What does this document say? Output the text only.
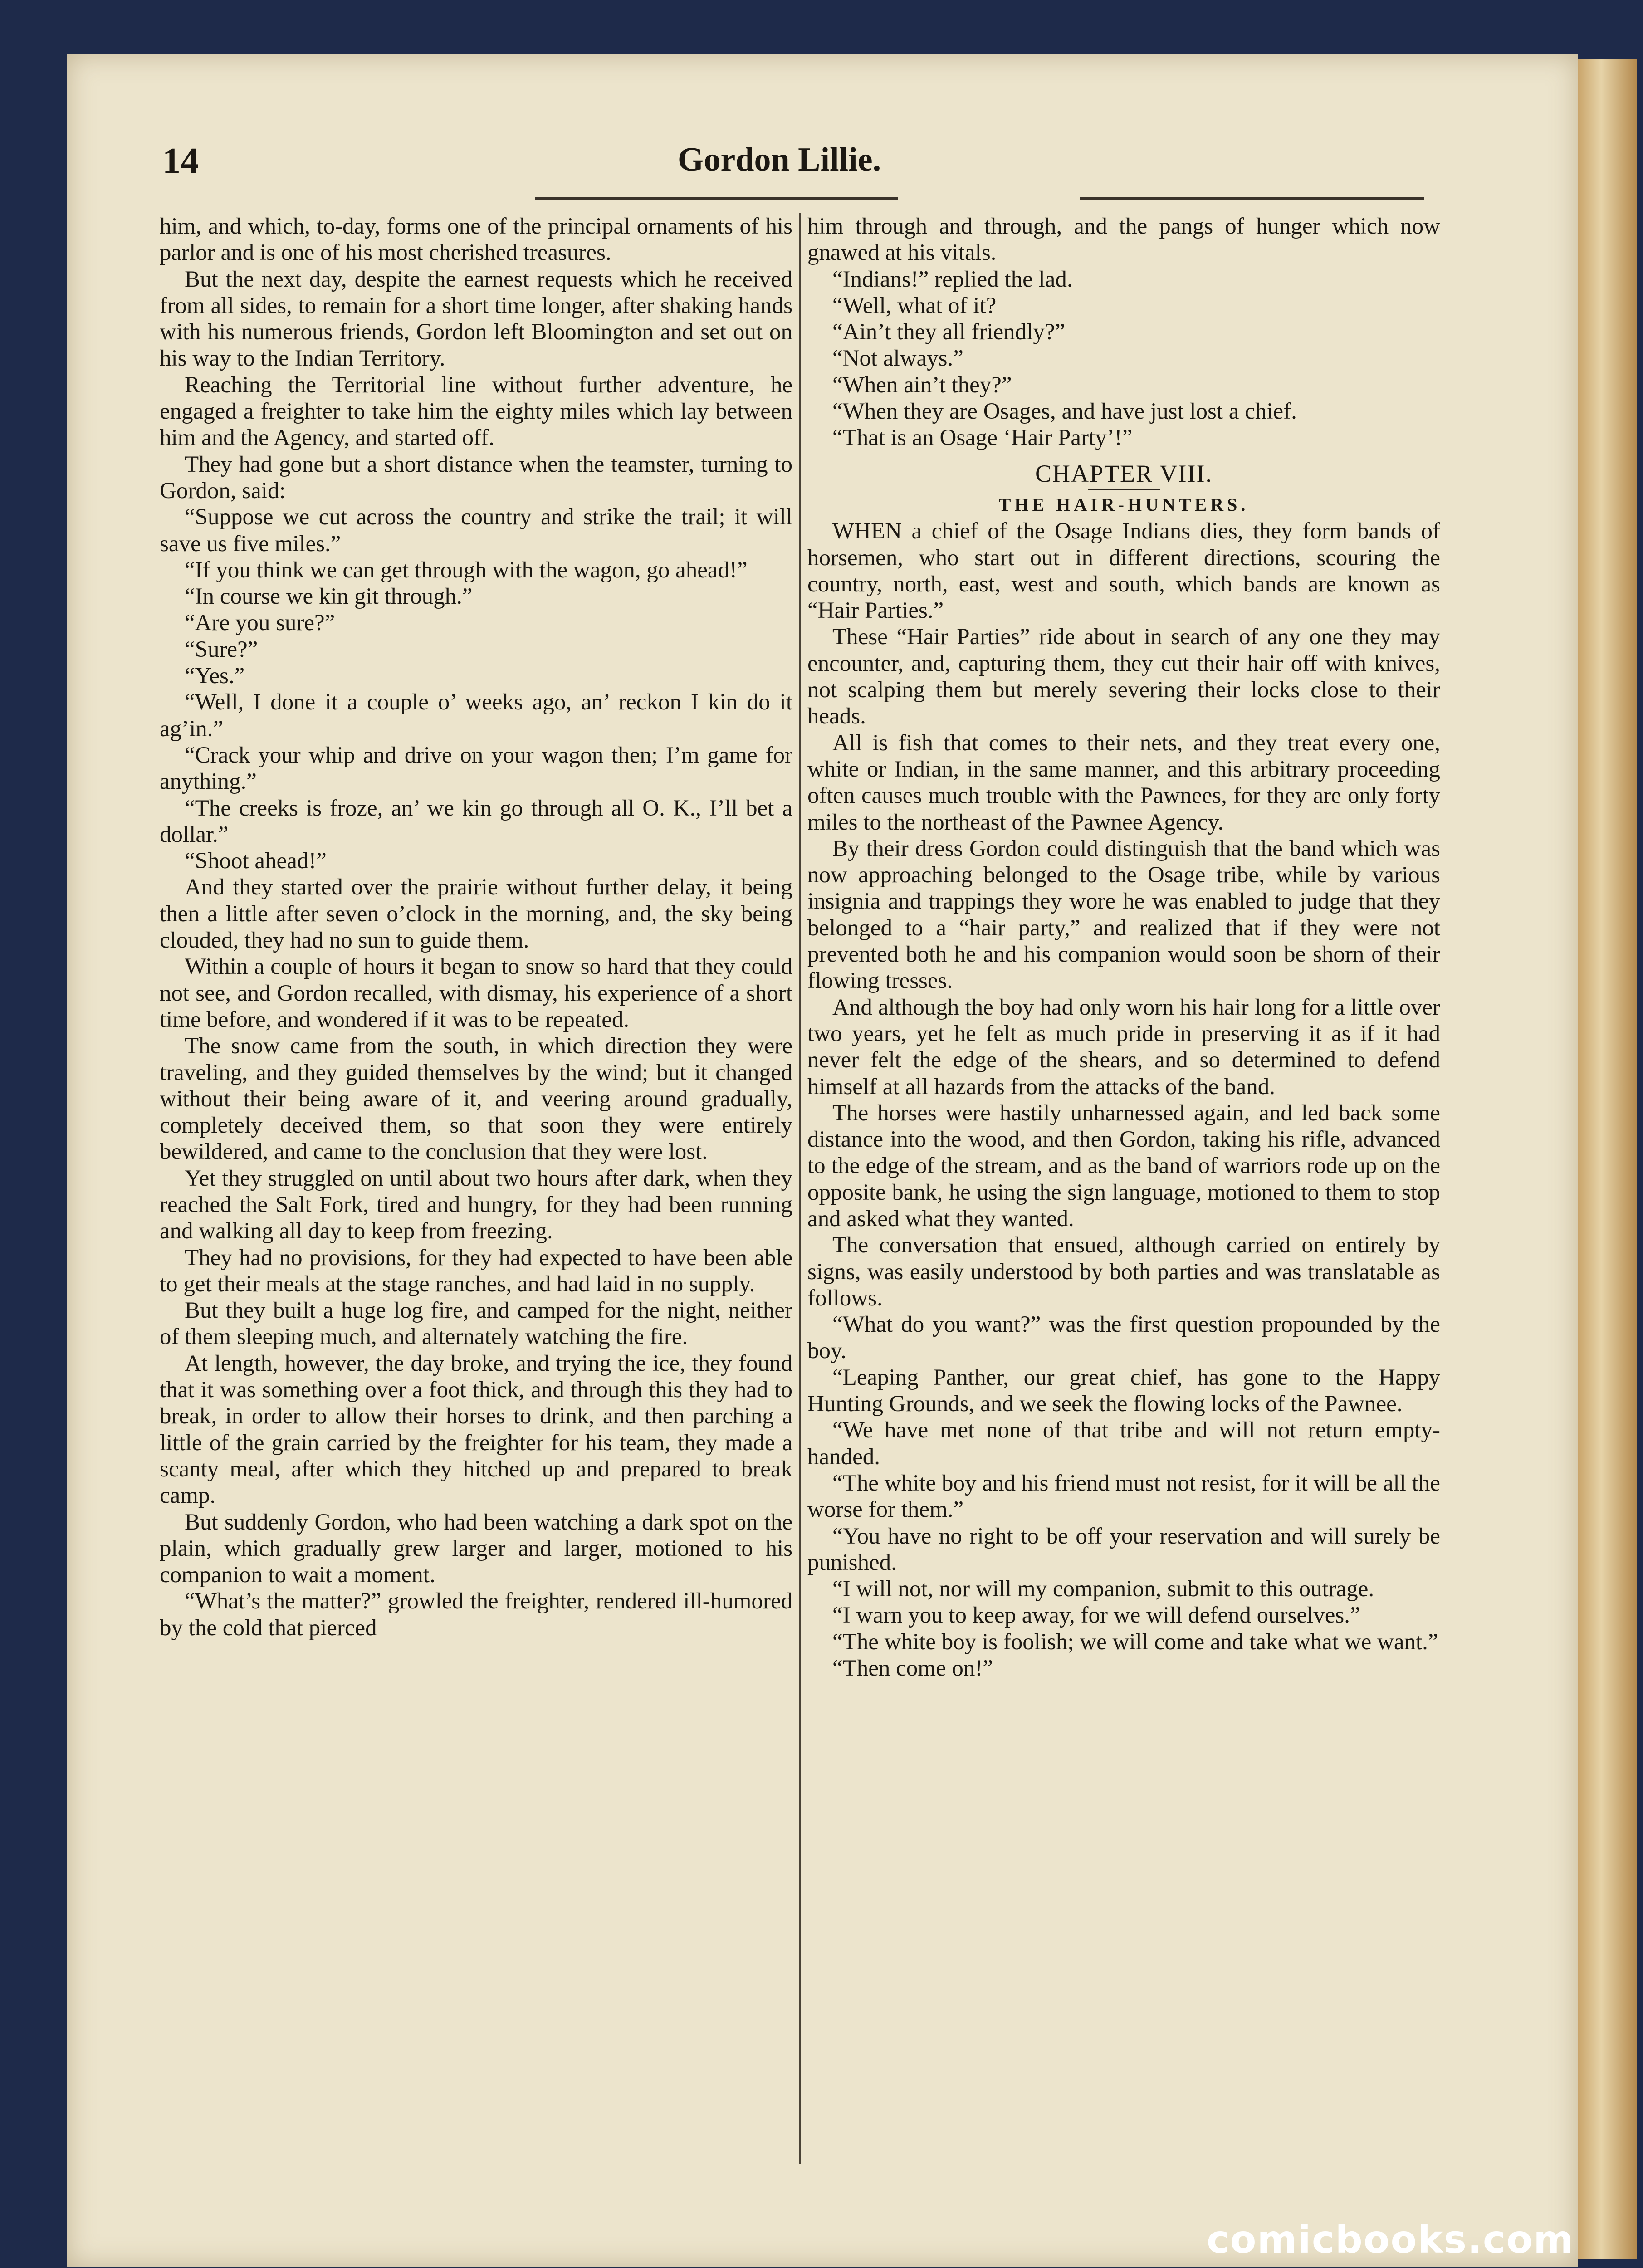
14	Gordon Lillie.

him, and which, to-day, forms one of the principal ornaments of his parlor and is one of his most cherished treasures.

But the next day, despite the earnest requests which he received from all sides, to remain for a short time longer, after shaking hands with his numerous friends, Gordon left Bloomington and set out on his way to the Indian Territory.

Reaching the Territorial line without further adventure, he engaged a freighter to take him the eighty miles which lay between him and the Agency, and started off.

They had gone but a short distance when the teamster, turning to Gordon, said:

“Suppose we cut across the country and strike the trail; it will save us five miles.”

“If you think we can get through with the wagon, go ahead!”

“In course we kin git through.”

“Are you sure?”

“Sure?”

“Yes.”

“Well, I done it a couple o’ weeks ago, an’ reckon I kin do it ag’in.”

“Crack your whip and drive on your wagon then; I’m game for anything.”

“The creeks is froze, an’ we kin go through all O. K., I’ll bet a dollar.”

“Shoot ahead!”

And they started over the prairie without further delay, it being then a little after seven o’clock in the morning, and, the sky being clouded, they had no sun to guide them.

Within a couple of hours it began to snow so hard that they could not see, and Gordon recalled, with dismay, his experience of a short time before, and wondered if it was to be repeated.

The snow came from the south, in which direction they were traveling, and they guided themselves by the wind; but it changed without their being aware of it, and veering around gradually, completely deceived them, so that soon they were entirely bewildered, and came to the conclusion that they were lost.

Yet they struggled on until about two hours after dark, when they reached the Salt Fork, tired and hungry, for they had been running and walking all day to keep from freezing.

They had no provisions, for they had expected to have been able to get their meals at the stage ranches, and had laid in no supply.

But they built a huge log fire, and camped for the night, neither of them sleeping much, and alternately watching the fire.

At length, however, the day broke, and trying the ice, they found that it was something over a foot thick, and through this they had to break, in order to allow their horses to drink, and then parching a little of the grain carried by the freighter for his team, they made a scanty meal, after which they hitched up and prepared to break camp.

But suddenly Gordon, who had been watching a dark spot on the plain, which gradually grew larger and larger, motioned to his companion to wait a moment.

“What’s the matter?” growled the freighter, rendered ill-humored by the cold that pierced

him through and through, and the pangs of hunger which now gnawed at his vitals.

“Indians!” replied the lad.

“Well, what of it?

“Ain’t they all friendly?”

“Not always.”

“When ain’t they?”

“When they are Osages, and have just lost a chief.

“That is an Osage ‘Hair Party’!”

CHAPTER VIII.
THE HAIR-HUNTERS.

WHEN a chief of the Osage Indians dies, they form bands of horsemen, who start out in different directions, scouring the country, north, east, west and south, which bands are known as “Hair Parties.”

These “Hair Parties” ride about in search of any one they may encounter, and, capturing them, they cut their hair off with knives, not scalping them but merely severing their locks close to their heads.

All is fish that comes to their nets, and they treat every one, white or Indian, in the same manner, and this arbitrary proceeding often causes much trouble with the Pawnees, for they are only forty miles to the northeast of the Pawnee Agency.

By their dress Gordon could distinguish that the band which was now approaching belonged to the Osage tribe, while by various insignia and trappings they wore he was enabled to judge that they belonged to a “hair party,” and realized that if they were not prevented both he and his companion would soon be shorn of their flowing tresses.

And although the boy had only worn his hair long for a little over two years, yet he felt as much pride in preserving it as if it had never felt the edge of the shears, and so determined to defend himself at all hazards from the attacks of the band.

The horses were hastily unharnessed again, and led back some distance into the wood, and then Gordon, taking his rifle, advanced to the edge of the stream, and as the band of warriors rode up on the opposite bank, he using the sign language, motioned to them to stop and asked what they wanted.

The conversation that ensued, although carried on entirely by signs, was easily understood by both parties and was translatable as follows.

“What do you want?” was the first question propounded by the boy.

“Leaping Panther, our great chief, has gone to the Happy Hunting Grounds, and we seek the flowing locks of the Pawnee.

“We have met none of that tribe and will not return empty-handed.

“The white boy and his friend must not resist, for it will be all the worse for them.”

“You have no right to be off your reservation and will surely be punished.

“I will not, nor will my companion, submit to this outrage.

“I warn you to keep away, for we will defend ourselves.”

“The white boy is foolish; we will come and take what we want.”

“Then come on!”

comicbooks.com
